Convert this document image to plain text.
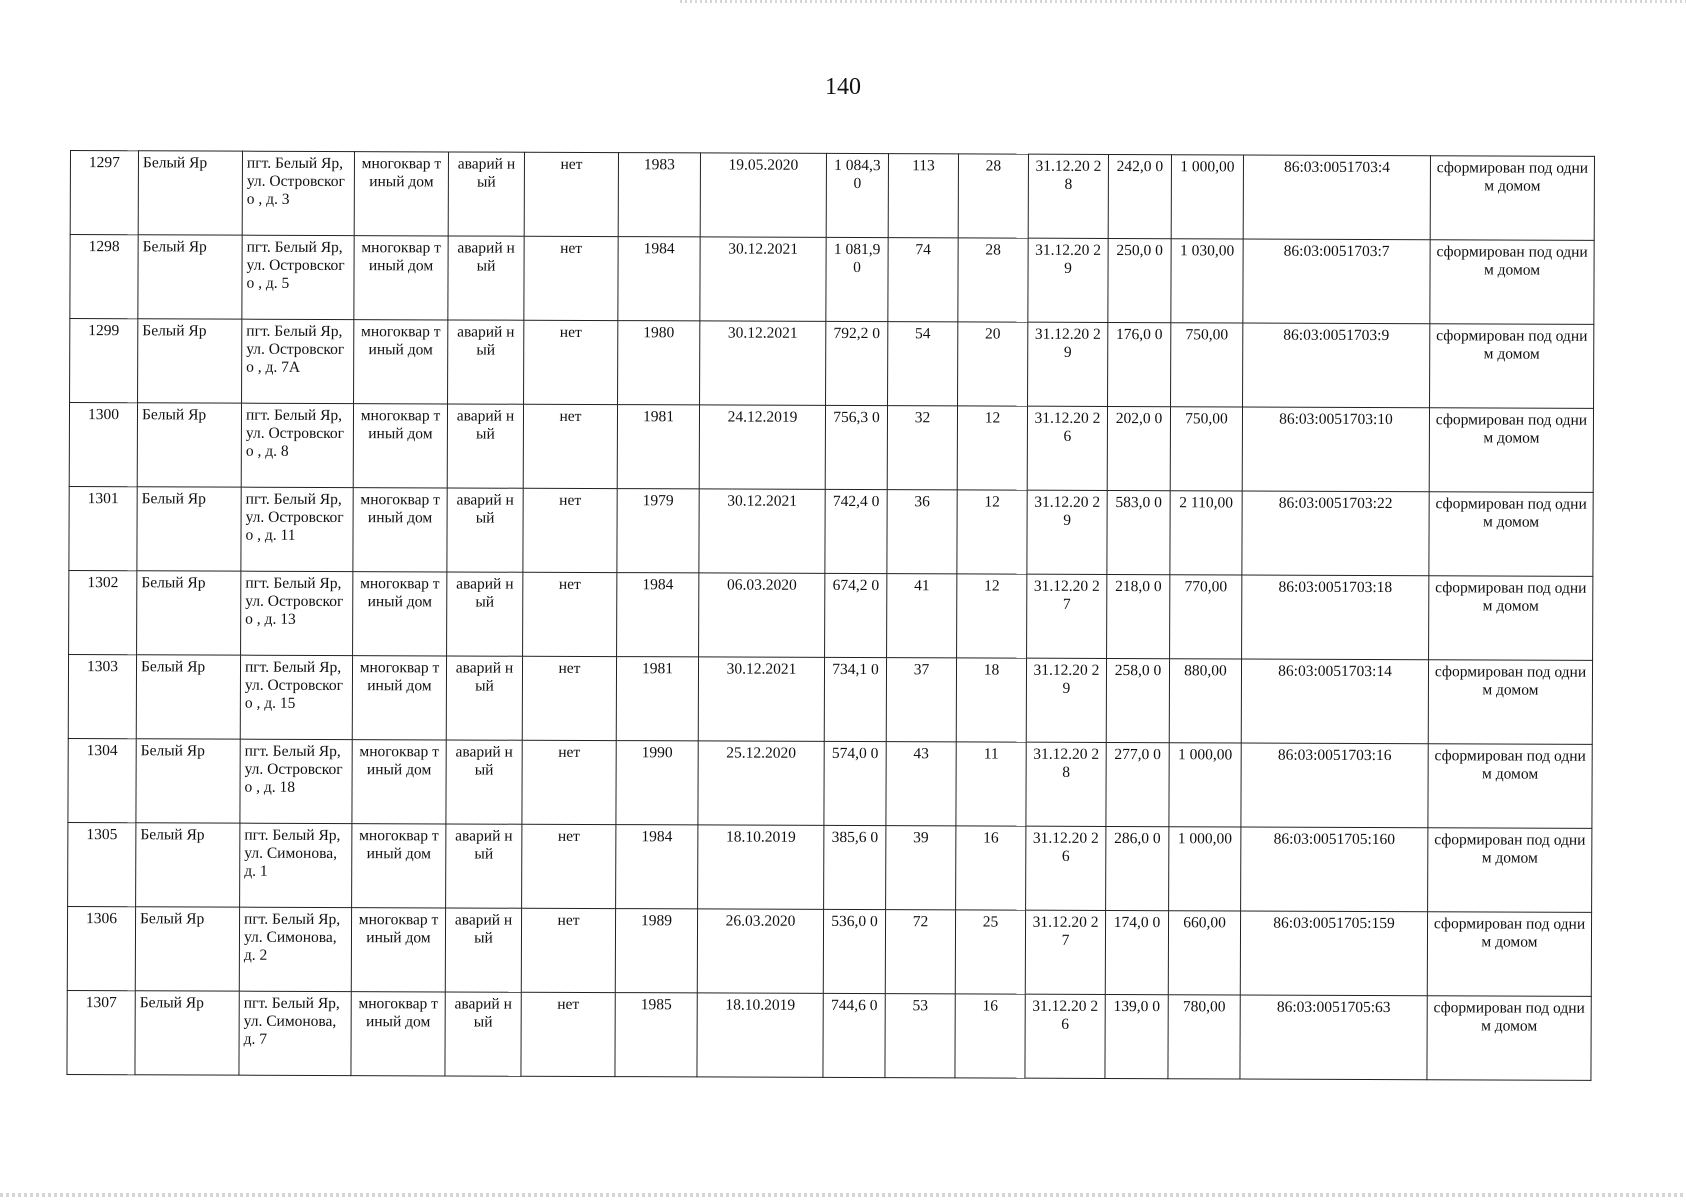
140
1297	Белый Яр	пгт. Белый Яр, ул. Островского , д. 3	многоквар тиный дом	аварий ный	нет	1983	19.05.2020	1 084,3 0	113	28	31.12.20 28	242,0 0	1 000,00	86:03:0051703:4	сформирован под одним домом
1298	Белый Яр	пгт. Белый Яр, ул. Островского , д. 5	многоквар тиный дом	аварий ный	нет	1984	30.12.2021	1 081,9 0	74	28	31.12.20 29	250,0 0	1 030,00	86:03:0051703:7	сформирован под одним домом
1299	Белый Яр	пгт. Белый Яр, ул. Островского , д. 7А	многоквар тиный дом	аварий ный	нет	1980	30.12.2021	792,2 0	54	20	31.12.20 29	176,0 0	750,00	86:03:0051703:9	сформирован под одним домом
1300	Белый Яр	пгт. Белый Яр, ул. Островского , д. 8	многоквар тиный дом	аварий ный	нет	1981	24.12.2019	756,3 0	32	12	31.12.20 26	202,0 0	750,00	86:03:0051703:10	сформирован под одним домом
1301	Белый Яр	пгт. Белый Яр, ул. Островского , д. 11	многоквар тиный дом	аварий ный	нет	1979	30.12.2021	742,4 0	36	12	31.12.20 29	583,0 0	2 110,00	86:03:0051703:22	сформирован под одним домом
1302	Белый Яр	пгт. Белый Яр, ул. Островского , д. 13	многоквар тиный дом	аварий ный	нет	1984	06.03.2020	674,2 0	41	12	31.12.20 27	218,0 0	770,00	86:03:0051703:18	сформирован под одним домом
1303	Белый Яр	пгт. Белый Яр, ул. Островского , д. 15	многоквар тиный дом	аварий ный	нет	1981	30.12.2021	734,1 0	37	18	31.12.20 29	258,0 0	880,00	86:03:0051703:14	сформирован под одним домом
1304	Белый Яр	пгт. Белый Яр, ул. Островского , д. 18	многоквар тиный дом	аварий ный	нет	1990	25.12.2020	574,0 0	43	11	31.12.20 28	277,0 0	1 000,00	86:03:0051703:16	сформирован под одним домом
1305	Белый Яр	пгт. Белый Яр, ул. Симонова, д. 1	многоквар тиный дом	аварий ный	нет	1984	18.10.2019	385,6 0	39	16	31.12.20 26	286,0 0	1 000,00	86:03:0051705:160	сформирован под одним домом
1306	Белый Яр	пгт. Белый Яр, ул. Симонова, д. 2	многоквар тиный дом	аварий ный	нет	1989	26.03.2020	536,0 0	72	25	31.12.20 27	174,0 0	660,00	86:03:0051705:159	сформирован под одним домом
1307	Белый Яр	пгт. Белый Яр, ул. Симонова, д. 7	многоквар тиный дом	аварий ный	нет	1985	18.10.2019	744,6 0	53	16	31.12.20 26	139,0 0	780,00	86:03:0051705:63	сформирован под одним домом
